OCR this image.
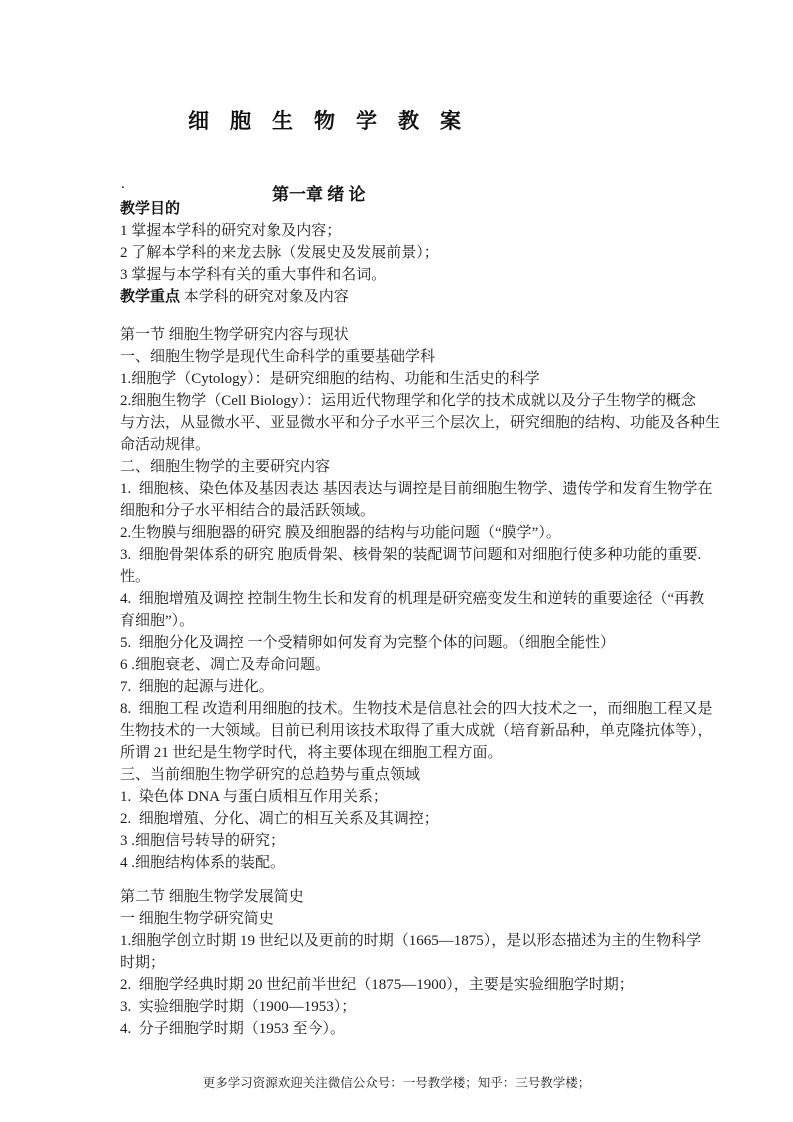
细　胞　生　物　学　教　案
.
第一章 绪 论
教学目的
1 掌握本学科的研究对象及内容；
2 了解本学科的来龙去脉（发展史及发展前景）；
3 掌握与本学科有关的重大事件和名词。
教学重点 本学科的研究对象及内容
第一节 细胞生物学研究内容与现状
一、细胞生物学是现代生命科学的重要基础学科
1.细胞学（Cytology）：是研究细胞的结构、功能和生活史的科学
2.细胞生物学（Cell Biology）：运用近代物理学和化学的技术成就以及分子生物学的概念
与方法，从显微水平、亚显微水平和分子水平三个层次上，研究细胞的结构、功能及各种生
命活动规律。
二、细胞生物学的主要研究内容
1.  细胞核、染色体及基因表达 基因表达与调控是目前细胞生物学、遗传学和发育生物学在
细胞和分子水平相结合的最活跃领域。
2.生物膜与细胞器的研究 膜及细胞器的结构与功能问题（“膜学”）。
3.  细胞骨架体系的研究 胞质骨架、核骨架的装配调节问题和对细胞行使多种功能的重要.
性。
4.  细胞增殖及调控 控制生物生长和发育的机理是研究癌变发生和逆转的重要途径（“再教
育细胞”）。
5.  细胞分化及调控 一个受精卵如何发育为完整个体的问题。（细胞全能性）
6 .细胞衰老、凋亡及寿命问题。
7.  细胞的起源与进化。
8.  细胞工程 改造利用细胞的技术。生物技术是信息社会的四大技术之一，而细胞工程又是
生物技术的一大领域。目前已利用该技术取得了重大成就（培育新品种，单克隆抗体等），
所谓 21 世纪是生物学时代，将主要体现在细胞工程方面。
三、当前细胞生物学研究的总趋势与重点领域
1.  染色体 DNA 与蛋白质相互作用关系；
2.  细胞增殖、分化、凋亡的相互关系及其调控；
3 .细胞信号转导的研究；
4 .细胞结构体系的装配。
第二节 细胞生物学发展简史
一 细胞生物学研究简史
1.细胞学创立时期 19 世纪以及更前的时期（1665—1875），是以形态描述为主的生物科学
时期；
2.  细胞学经典时期 20 世纪前半世纪（1875—1900），主要是实验细胞学时期；
3.  实验细胞学时期（1900—1953）；
4.  分子细胞学时期（1953 至今）。
更多学习资源欢迎关注微信公众号：一号教学楼；知乎：三号教学楼；
